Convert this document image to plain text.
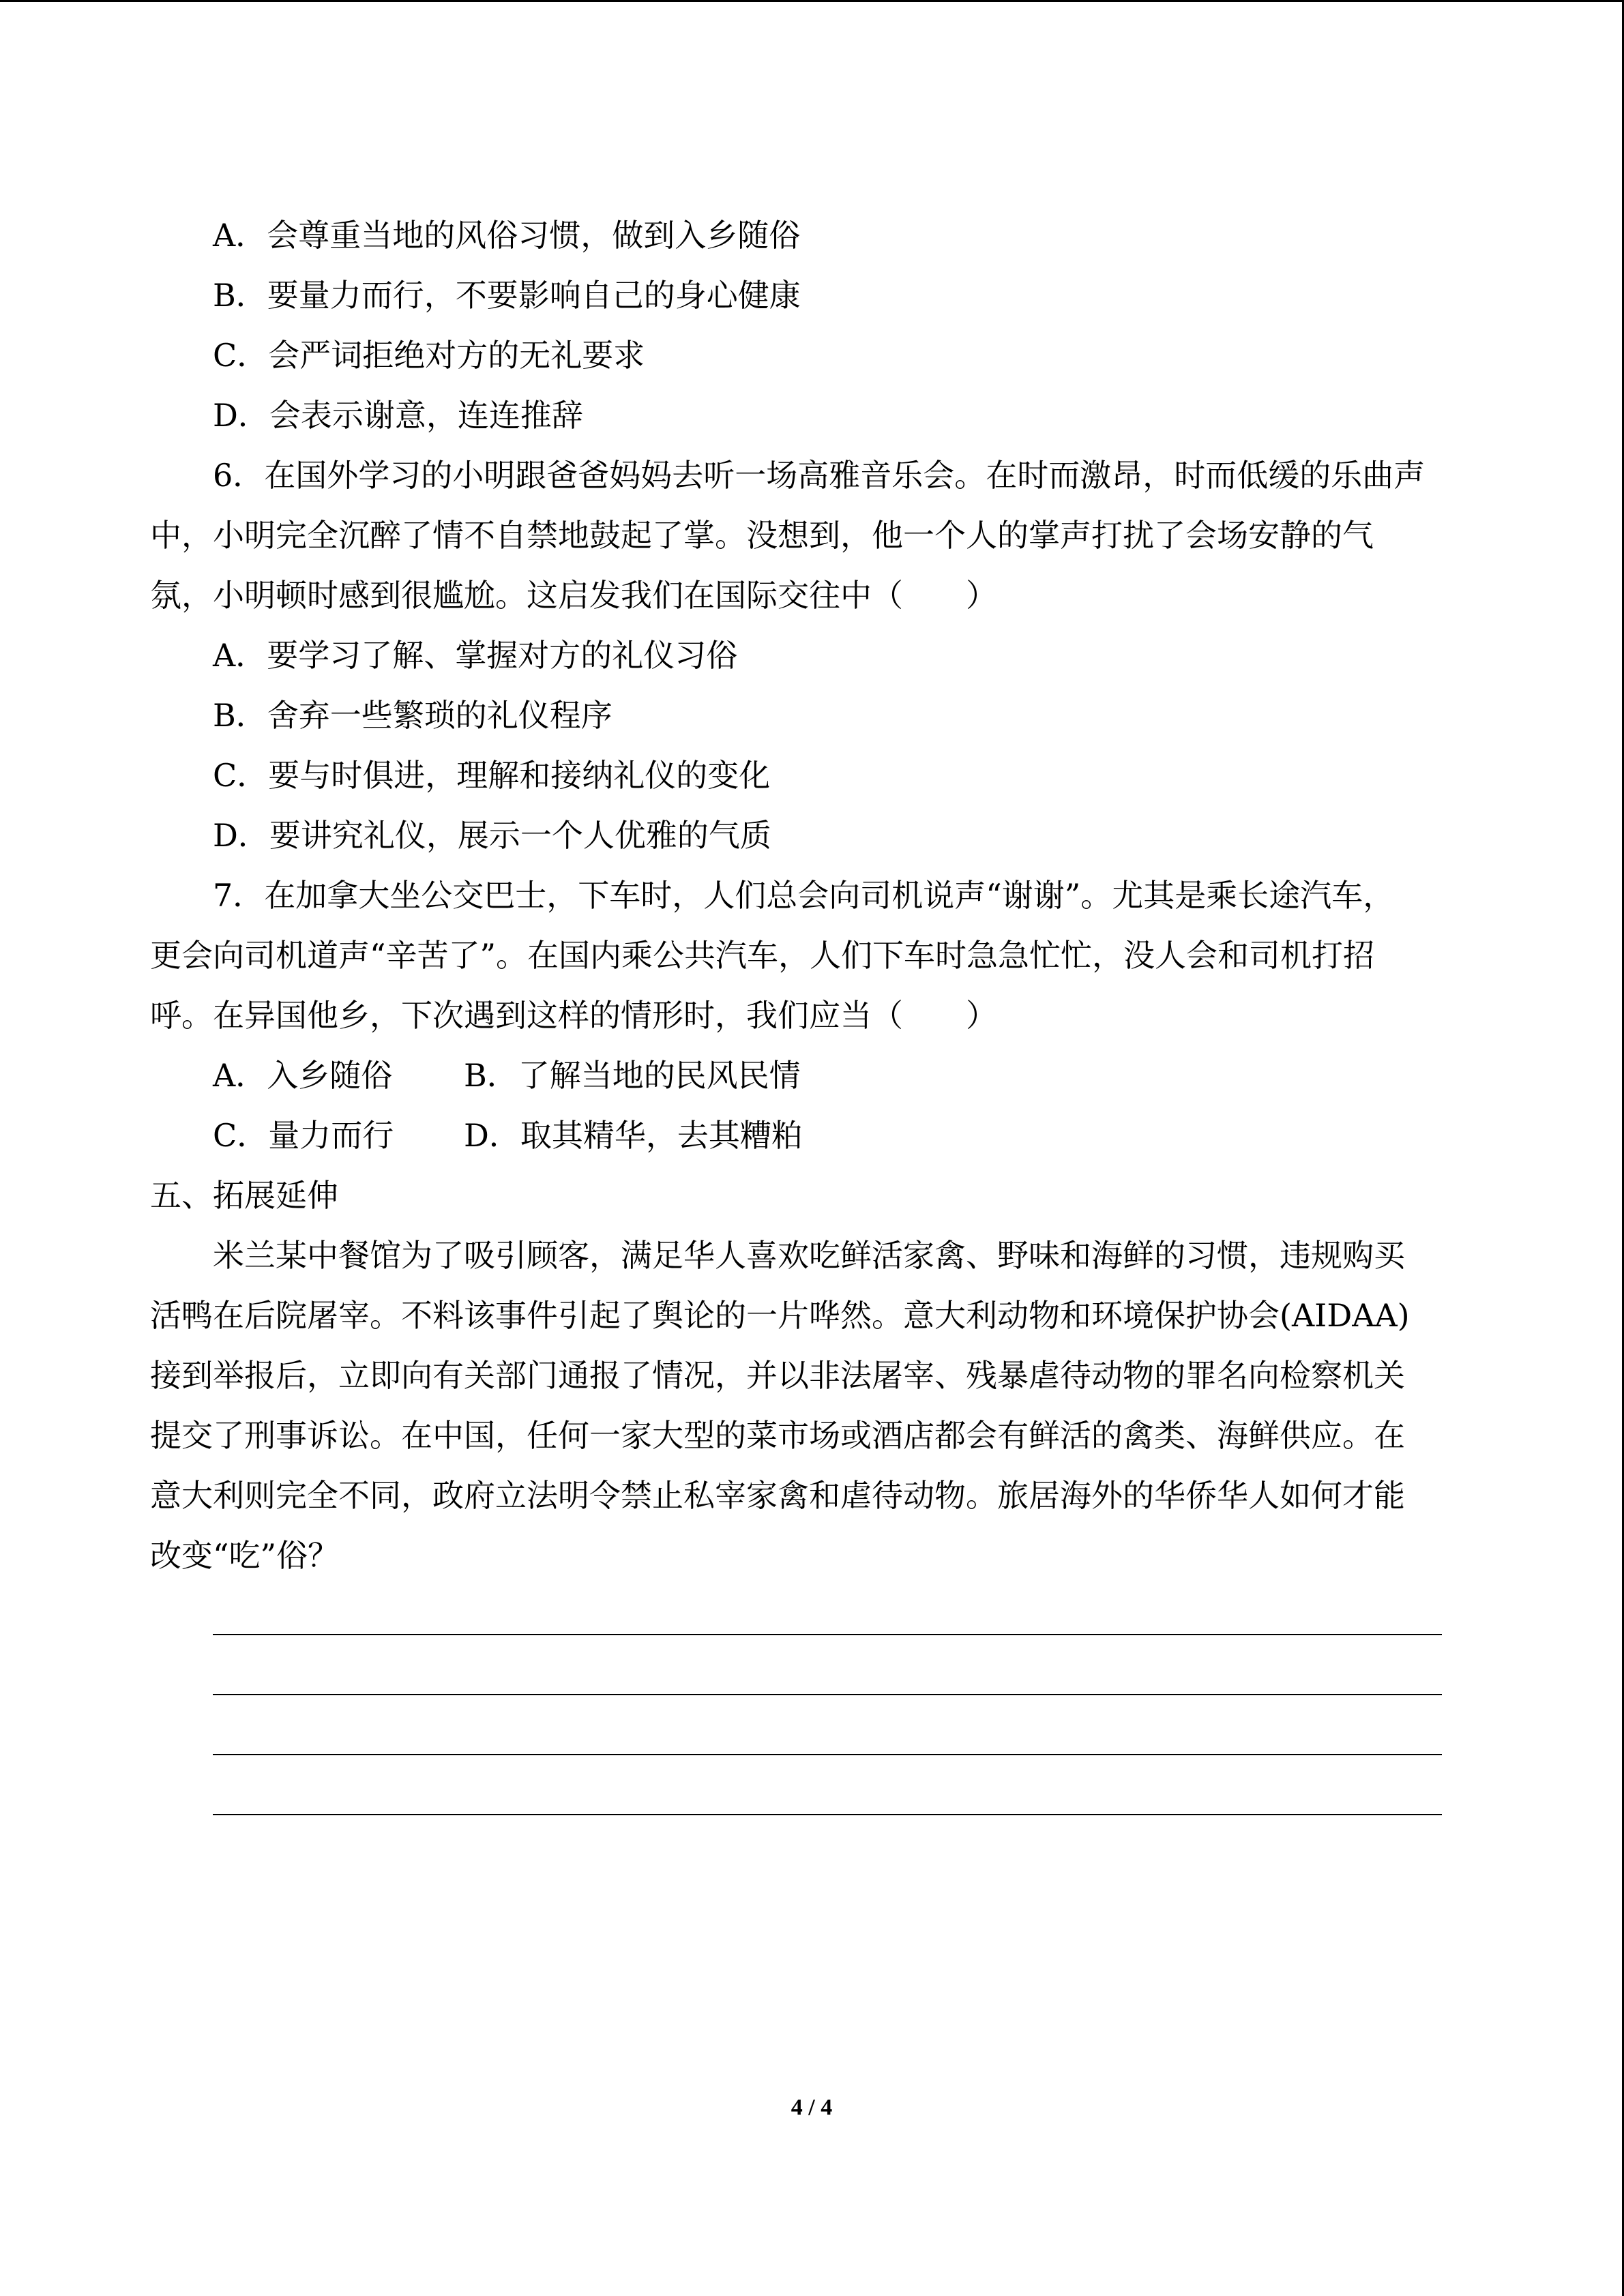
A．会尊重当地的风俗习惯，做到入乡随俗
B．要量力而行，不要影响自己的身心健康
C．会严词拒绝对方的无礼要求
D．会表示谢意，连连推辞
6．在国外学习的小明跟爸爸妈妈去听一场高雅音乐会。在时而激昂，时而低缓的乐曲声
中，小明完全沉醉了情不自禁地鼓起了掌。没想到，他一个人的掌声打扰了会场安静的气
氛，小明顿时感到很尴尬。这启发我们在国际交往中（　　）
A．要学习了解、掌握对方的礼仪习俗
B．舍弃一些繁琐的礼仪程序
C．要与时俱进，理解和接纳礼仪的变化
D．要讲究礼仪，展示一个人优雅的气质
7．在加拿大坐公交巴士，下车时，人们总会向司机说声“谢谢”。尤其是乘长途汽车，
更会向司机道声“辛苦了”。在国内乘公共汽车，人们下车时急急忙忙，没人会和司机打招
呼。在异国他乡，下次遇到这样的情形时，我们应当（　　）
A．入乡随俗 B．了解当地的民风民情
C．量力而行 D．取其精华，去其糟粕
五、拓展延伸
米兰某中餐馆为了吸引顾客，满足华人喜欢吃鲜活家禽、野味和海鲜的习惯，违规购买
活鸭在后院屠宰。不料该事件引起了舆论的一片哗然。意大利动物和环境保护协会(AIDAA)
接到举报后，立即向有关部门通报了情况，并以非法屠宰、残暴虐待动物的罪名向检察机关
提交了刑事诉讼。在中国，任何一家大型的菜市场或酒店都会有鲜活的禽类、海鲜供应。在
意大利则完全不同，政府立法明令禁止私宰家禽和虐待动物。旅居海外的华侨华人如何才能
改变“吃”俗？
4 / 4
